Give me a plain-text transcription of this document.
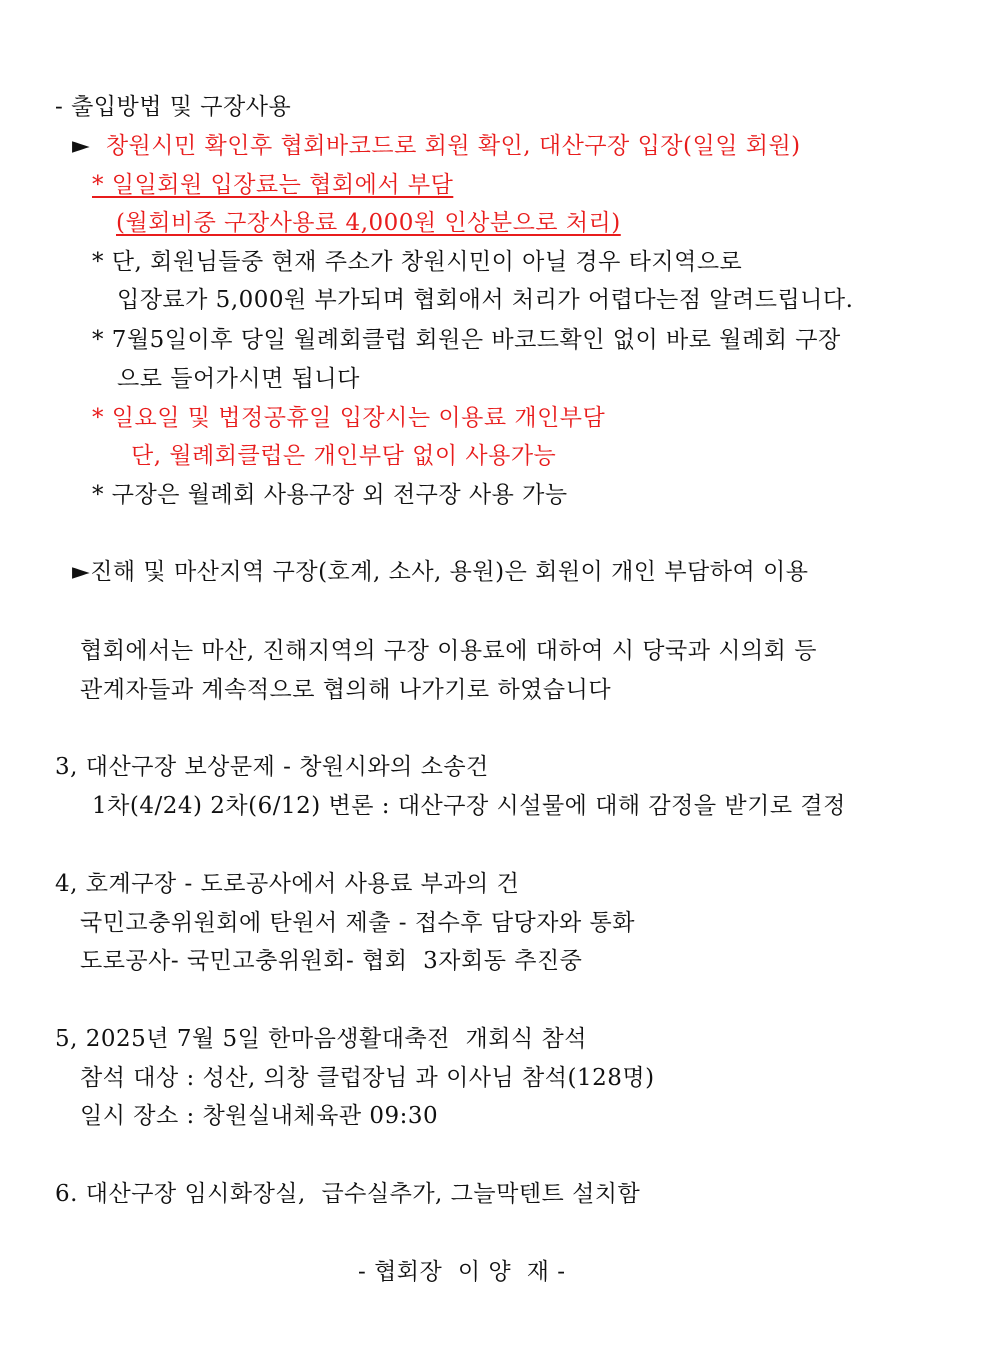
- 출입방법 및 구장사용
► 창원시민 확인후 협회바코드로 회원 확인, 대산구장 입장(일일 회원)
* 일일회원 입장료는 협회에서 부담
(월회비중 구장사용료 4,000원 인상분으로 처리)
* 단, 회원님들중 현재 주소가 창원시민이 아닐 경우 타지역으로
입장료가 5,000원 부가되며 협회애서 처리가 어렵다는점 알려드립니다.
* 7월5일이후 당일 월례회클럽 회원은 바코드확인 없이 바로 월례회 구장
으로 들어가시면 됩니다
* 일요일 및 법정공휴일 입장시는 이용료 개인부담
단, 월례회클럽은 개인부담 없이 사용가능
* 구장은 월례회 사용구장 외 전구장 사용 가능
►진해 및 마산지역 구장(호계, 소사, 용원)은 회원이 개인 부담하여 이용
협회에서는 마산, 진해지역의 구장 이용료에 대하여 시 당국과 시의회 등
관계자들과 계속적으로 협의해 나가기로 하였습니다
3, 대산구장 보상문제 - 창원시와의 소송건
1차(4/24) 2차(6/12) 변론 : 대산구장 시설물에 대해 감정을 받기로 결정
4, 호계구장 - 도로공사에서 사용료 부과의 건
국민고충위원회에 탄원서 제출 - 접수후 담당자와 통화
도로공사- 국민고충위원회- 협회  3자회동 추진중
5, 2025년 7월 5일 한마음생활대축전  개회식 참석
참석 대상 : 성산, 의창 클럽장님 과 이사님 참석(128명)
일시 장소 : 창원실내체육관 09:30
6. 대산구장 임시화장실,  급수실추가, 그늘막텐트 설치함
- 협회장  이 양  재 -
